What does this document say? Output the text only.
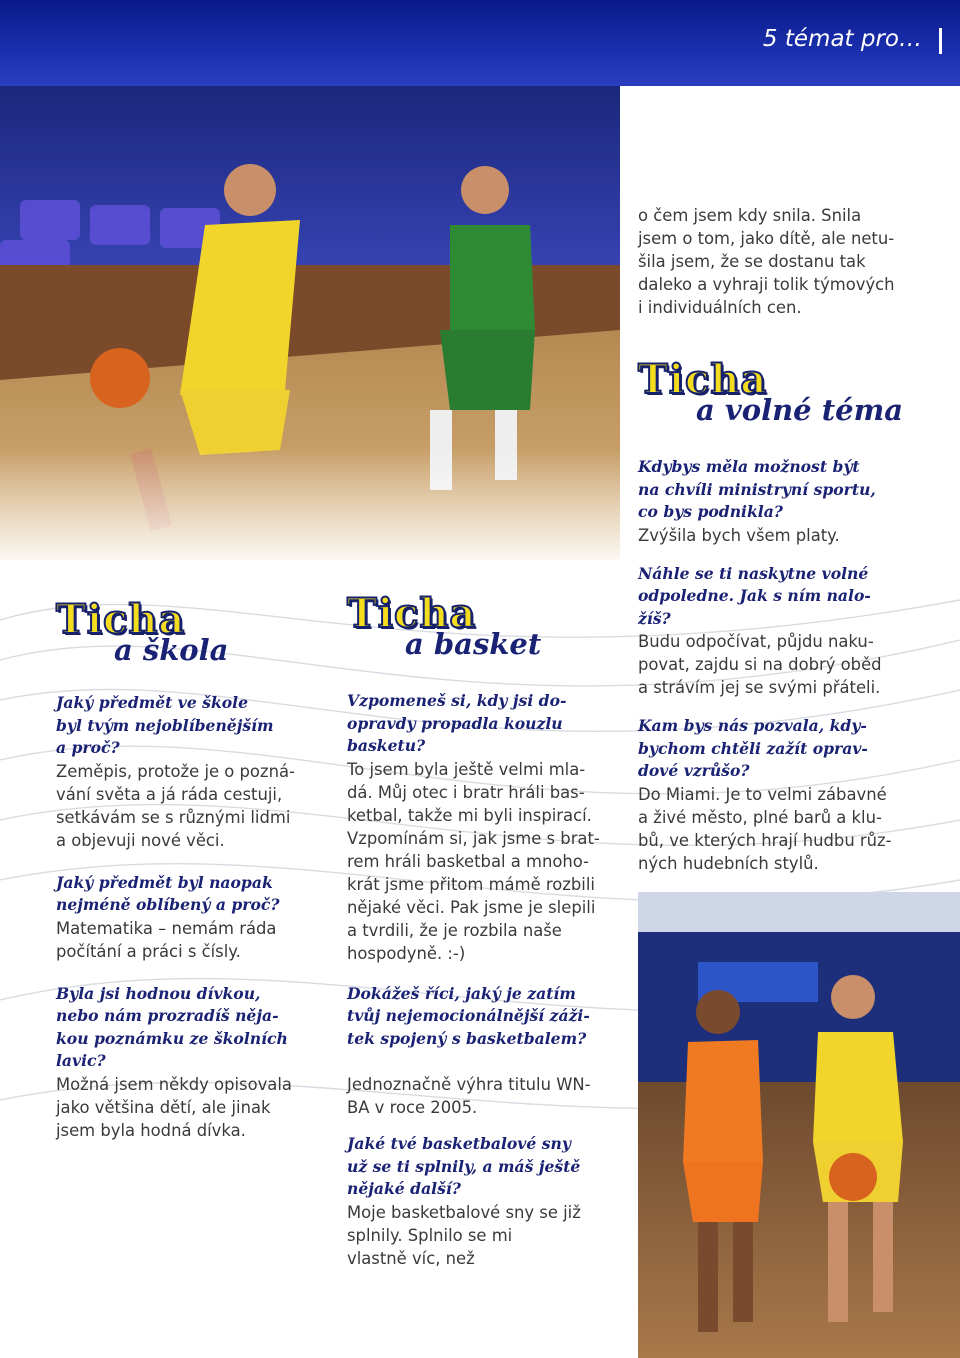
5 témat pro…

o čem jsem kdy snila. Snila

jsem o tom, jako dítě, ale netu-

šila jsem, že se dostanu tak

daleko a vyhraji tolik týmových

i individuálních cen.

Ticha
a volné téma

Kdybys měla možnost být

na chvíli ministryní sportu,

co bys podnikla?

Zvýšila bych všem platy.

Náhle se ti naskytne volné

odpoledne. Jak s ním nalo-

žíš?

Budu odpočívat, půjdu naku-

povat, zajdu si na dobrý oběd

a strávím jej se svými přáteli.

Kam bys nás pozvala, kdy-

bychom chtěli zažít oprav-

dové vzrůšo?

Do Miami. Je to velmi zábavné

a živé město, plné barů a klu-

bů, ve kterých hrají hudbu růz-

ných hudebních stylů.

Ticha
a škola

Jaký předmět ve škole

byl tvým nejoblíbenějším

a proč?

Zeměpis, protože je o pozná-

vání světa a já ráda cestuji,

setkávám se s různými lidmi

a objevuji nové věci.

Jaký předmět byl naopak

nejméně oblíbený a proč?

Matematika – nemám ráda

počítání a práci s čísly.

Byla jsi hodnou dívkou,

nebo nám prozradíš něja-

kou poznámku ze školních

lavic?

Možná jsem někdy opisovala

jako většina dětí, ale jinak

jsem byla hodná dívka.

Ticha
a basket

Vzpomeneš si, kdy jsi do-

opravdy propadla kouzlu

basketu?

To jsem byla ještě velmi mla-

dá. Můj otec i bratr hráli bas-

ketbal, takže mi byli inspirací.

Vzpomínám si, jak jsme s brat-

rem hráli basketbal a mnoho-

krát jsme přitom mámě rozbili

nějaké věci. Pak jsme je slepili

a tvrdili, že je rozbila naše

hospodyně. :-)

Dokážeš říci, jaký je zatím

tvůj nejemocionálnější záži-

tek spojený s basketbalem?

Jednoznačně výhra titulu WN-

BA v roce 2005.

Jaké tvé basketbalové sny

už se ti splnily, a máš ještě

nějaké další?

Moje basketbalové sny se již

splnily. Splnilo se mi

vlastně víc, než
